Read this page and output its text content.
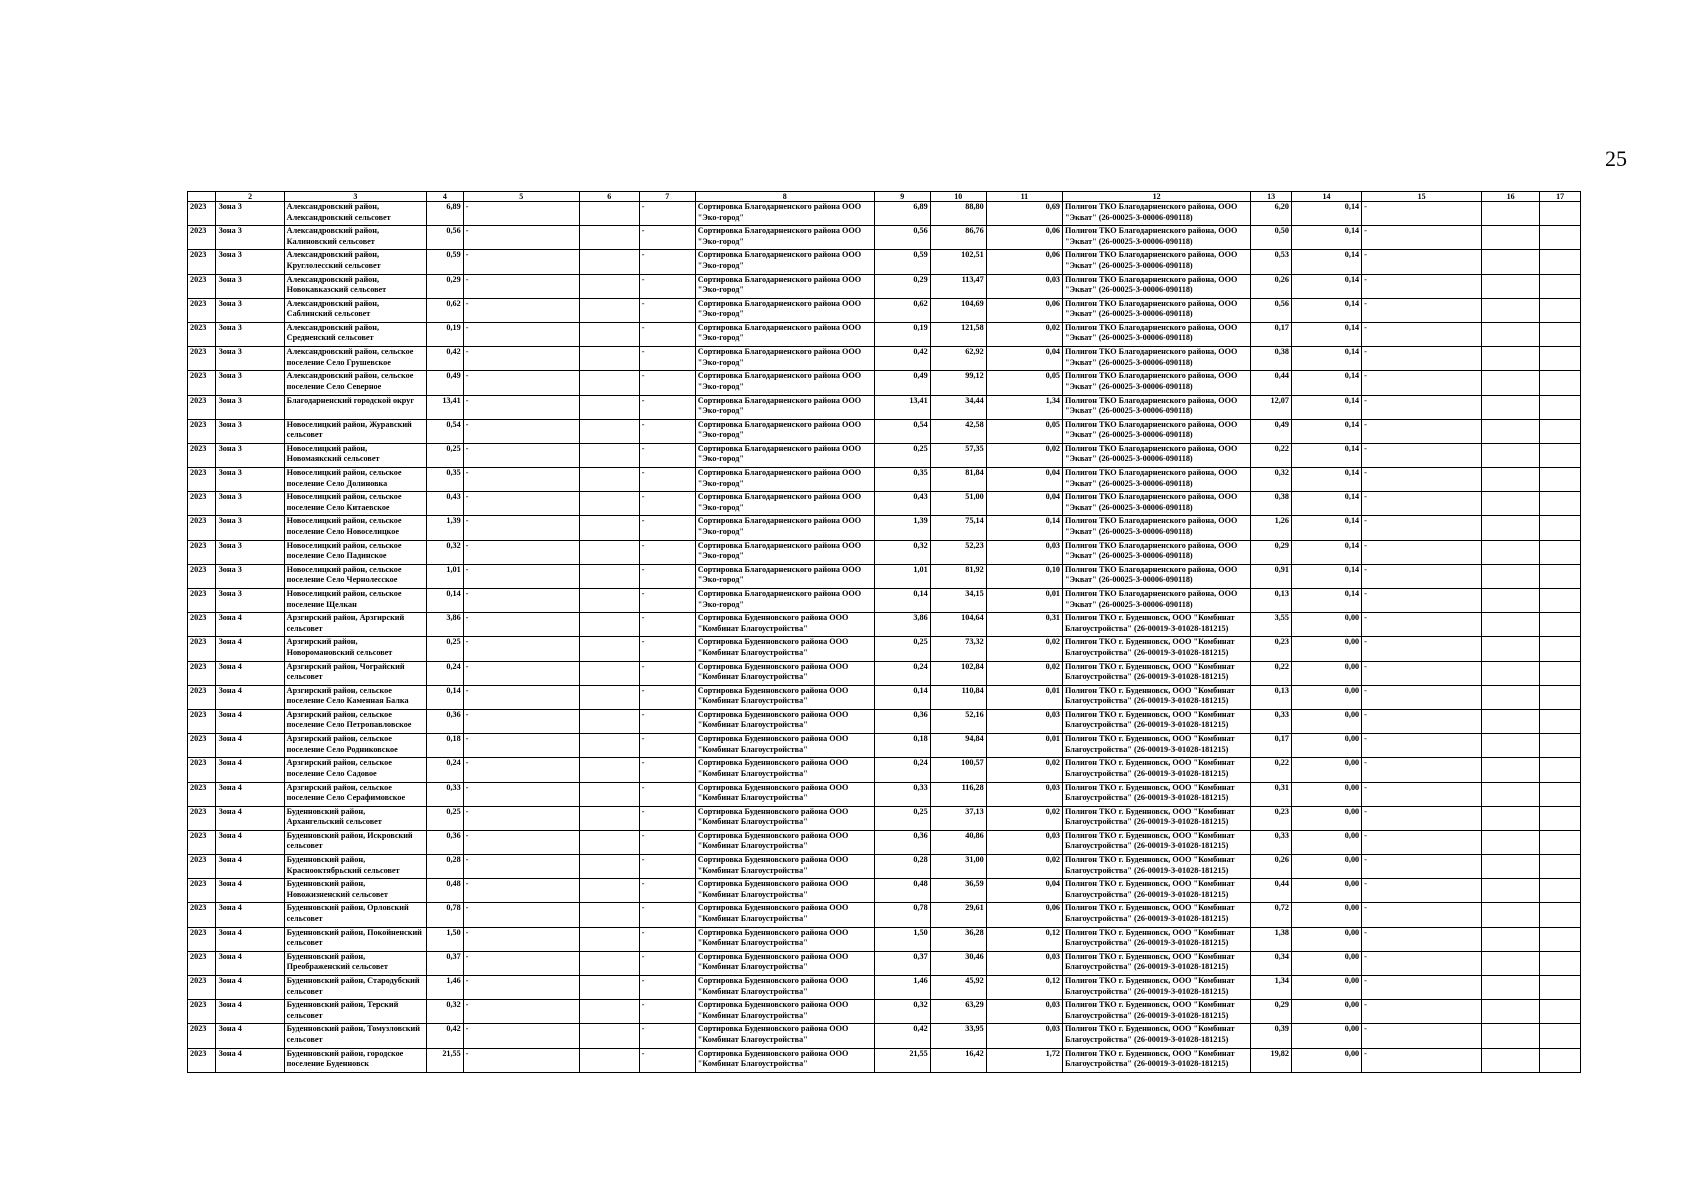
25
	2	3	4	5	6	7	8	9	10	11	12	13	14	15	16	17
2023	Зона 3	Александровский район, Александровский сельсовет	6,89	-		-	Сортировка Благодарненского района ООО "Эко-город"	6,89	88,80	0,69	Полигон ТКО Благодарненского района, ООО "Экват" (26-00025-З-00006-090118)	6,20	0,14	-		
2023	Зона 3	Александровский район, Калиновский сельсовет	0,56	-		-	Сортировка Благодарненского района ООО "Эко-город"	0,56	86,76	0,06	Полигон ТКО Благодарненского района, ООО "Экват" (26-00025-З-00006-090118)	0,50	0,14	-		
2023	Зона 3	Александровский район, Круглолесский сельсовет	0,59	-		-	Сортировка Благодарненского района ООО "Эко-город"	0,59	102,51	0,06	Полигон ТКО Благодарненского района, ООО "Экват" (26-00025-З-00006-090118)	0,53	0,14	-		
2023	Зона 3	Александровский район, Новокавказский сельсовет	0,29	-		-	Сортировка Благодарненского района ООО "Эко-город"	0,29	113,47	0,03	Полигон ТКО Благодарненского района, ООО "Экват" (26-00025-З-00006-090118)	0,26	0,14	-		
2023	Зона 3	Александровский район, Саблинский сельсовет	0,62	-		-	Сортировка Благодарненского района ООО "Эко-город"	0,62	104,69	0,06	Полигон ТКО Благодарненского района, ООО "Экват" (26-00025-З-00006-090118)	0,56	0,14	-		
2023	Зона 3	Александровский район, Средненский сельсовет	0,19	-		-	Сортировка Благодарненского района ООО "Эко-город"	0,19	121,58	0,02	Полигон ТКО Благодарненского района, ООО "Экват" (26-00025-З-00006-090118)	0,17	0,14	-		
2023	Зона 3	Александровский район, сельское поселение Село Грушевское	0,42	-		-	Сортировка Благодарненского района ООО "Эко-город"	0,42	62,92	0,04	Полигон ТКО Благодарненского района, ООО "Экват" (26-00025-З-00006-090118)	0,38	0,14	-		
2023	Зона 3	Александровский район, сельское поселение Село Северное	0,49	-		-	Сортировка Благодарненского района ООО "Эко-город"	0,49	99,12	0,05	Полигон ТКО Благодарненского района, ООО "Экват" (26-00025-З-00006-090118)	0,44	0,14	-		
2023	Зона 3	Благодарненский городской округ	13,41	-		-	Сортировка Благодарненского района ООО "Эко-город"	13,41	34,44	1,34	Полигон ТКО Благодарненского района, ООО "Экват" (26-00025-З-00006-090118)	12,07	0,14	-		
2023	Зона 3	Новоселицкий район, Журавский сельсовет	0,54	-		-	Сортировка Благодарненского района ООО "Эко-город"	0,54	42,58	0,05	Полигон ТКО Благодарненского района, ООО "Экват" (26-00025-З-00006-090118)	0,49	0,14	-		
2023	Зона 3	Новоселицкий район, Новомаякский сельсовет	0,25	-		-	Сортировка Благодарненского района ООО "Эко-город"	0,25	57,35	0,02	Полигон ТКО Благодарненского района, ООО "Экват" (26-00025-З-00006-090118)	0,22	0,14	-		
2023	Зона 3	Новоселицкий район, сельское поселение Село Долиновка	0,35	-		-	Сортировка Благодарненского района ООО "Эко-город"	0,35	81,84	0,04	Полигон ТКО Благодарненского района, ООО "Экват" (26-00025-З-00006-090118)	0,32	0,14	-		
2023	Зона 3	Новоселицкий район, сельское поселение Село Китаевское	0,43	-		-	Сортировка Благодарненского района ООО "Эко-город"	0,43	51,00	0,04	Полигон ТКО Благодарненского района, ООО "Экват" (26-00025-З-00006-090118)	0,38	0,14	-		
2023	Зона 3	Новоселицкий район, сельское поселение Село Новоселицкое	1,39	-		-	Сортировка Благодарненского района ООО "Эко-город"	1,39	75,14	0,14	Полигон ТКО Благодарненского района, ООО "Экват" (26-00025-З-00006-090118)	1,26	0,14	-		
2023	Зона 3	Новоселицкий район, сельское поселение Село Падинское	0,32	-		-	Сортировка Благодарненского района ООО "Эко-город"	0,32	52,23	0,03	Полигон ТКО Благодарненского района, ООО "Экват" (26-00025-З-00006-090118)	0,29	0,14	-		
2023	Зона 3	Новоселицкий район, сельское поселение Село Чернолесское	1,01	-		-	Сортировка Благодарненского района ООО "Эко-город"	1,01	81,92	0,10	Полигон ТКО Благодарненского района, ООО "Экват" (26-00025-З-00006-090118)	0,91	0,14	-		
2023	Зона 3	Новоселицкий район, сельское поселение Щелкан	0,14	-		-	Сортировка Благодарненского района ООО "Эко-город"	0,14	34,15	0,01	Полигон ТКО Благодарненского района, ООО "Экват" (26-00025-З-00006-090118)	0,13	0,14	-		
2023	Зона 4	Арзгирский район, Арзгирский сельсовет	3,86	-		-	Сортировка Буденновского района ООО "Комбинат Благоустройства"	3,86	104,64	0,31	Полигон ТКО г. Буденновск, ООО "Комбинат Благоустройства" (26-00019-З-01028-181215)	3,55	0,00	-		
2023	Зона 4	Арзгирский район, Новоромановский сельсовет	0,25	-		-	Сортировка Буденновского района ООО "Комбинат Благоустройства"	0,25	73,32	0,02	Полигон ТКО г. Буденновск, ООО "Комбинат Благоустройства" (26-00019-З-01028-181215)	0,23	0,00	-		
2023	Зона 4	Арзгирский район, Чограйский сельсовет	0,24	-		-	Сортировка Буденновского района ООО "Комбинат Благоустройства"	0,24	102,84	0,02	Полигон ТКО г. Буденновск, ООО "Комбинат Благоустройства" (26-00019-З-01028-181215)	0,22	0,00	-		
2023	Зона 4	Арзгирский район, сельское поселение Село Каменная Балка	0,14	-		-	Сортировка Буденновского района ООО "Комбинат Благоустройства"	0,14	110,84	0,01	Полигон ТКО г. Буденновск, ООО "Комбинат Благоустройства" (26-00019-З-01028-181215)	0,13	0,00	-		
2023	Зона 4	Арзгирский район, сельское поселение Село Петропавловское	0,36	-		-	Сортировка Буденновского района ООО "Комбинат Благоустройства"	0,36	52,16	0,03	Полигон ТКО г. Буденновск, ООО "Комбинат Благоустройства" (26-00019-З-01028-181215)	0,33	0,00	-		
2023	Зона 4	Арзгирский район, сельское поселение Село Родниковское	0,18	-		-	Сортировка Буденновского района ООО "Комбинат Благоустройства"	0,18	94,84	0,01	Полигон ТКО г. Буденновск, ООО "Комбинат Благоустройства" (26-00019-З-01028-181215)	0,17	0,00	-		
2023	Зона 4	Арзгирский район, сельское поселение Село Садовое	0,24	-		-	Сортировка Буденновского района ООО "Комбинат Благоустройства"	0,24	100,57	0,02	Полигон ТКО г. Буденновск, ООО "Комбинат Благоустройства" (26-00019-З-01028-181215)	0,22	0,00	-		
2023	Зона 4	Арзгирский район, сельское поселение Село Серафимовское	0,33	-		-	Сортировка Буденновского района ООО "Комбинат Благоустройства"	0,33	116,28	0,03	Полигон ТКО г. Буденновск, ООО "Комбинат Благоустройства" (26-00019-З-01028-181215)	0,31	0,00	-		
2023	Зона 4	Буденновский район, Архангельский сельсовет	0,25	-		-	Сортировка Буденновского района ООО "Комбинат Благоустройства"	0,25	37,13	0,02	Полигон ТКО г. Буденновск, ООО "Комбинат Благоустройства" (26-00019-З-01028-181215)	0,23	0,00	-		
2023	Зона 4	Буденновский район, Искровский сельсовет	0,36	-		-	Сортировка Буденновского района ООО "Комбинат Благоустройства"	0,36	40,86	0,03	Полигон ТКО г. Буденновск, ООО "Комбинат Благоустройства" (26-00019-З-01028-181215)	0,33	0,00	-		
2023	Зона 4	Буденновский район, Красноoктябрьский сельсовет	0,28	-		-	Сортировка Буденновского района ООО "Комбинат Благоустройства"	0,28	31,00	0,02	Полигон ТКО г. Буденновск, ООО "Комбинат Благоустройства" (26-00019-З-01028-181215)	0,26	0,00	-		
2023	Зона 4	Буденновский район, Новожизненский сельсовет	0,48	-		-	Сортировка Буденновского района ООО "Комбинат Благоустройства"	0,48	36,59	0,04	Полигон ТКО г. Буденновск, ООО "Комбинат Благоустройства" (26-00019-З-01028-181215)	0,44	0,00	-		
2023	Зона 4	Буденновский район, Орловский сельсовет	0,78	-		-	Сортировка Буденновского района ООО "Комбинат Благоустройства"	0,78	29,61	0,06	Полигон ТКО г. Буденновск, ООО "Комбинат Благоустройства" (26-00019-З-01028-181215)	0,72	0,00	-		
2023	Зона 4	Буденновский район, Покойненский сельсовет	1,50	-		-	Сортировка Буденновского района ООО "Комбинат Благоустройства"	1,50	36,28	0,12	Полигон ТКО г. Буденновск, ООО "Комбинат Благоустройства" (26-00019-З-01028-181215)	1,38	0,00	-		
2023	Зона 4	Буденновский район, Преображенский сельсовет	0,37	-		-	Сортировка Буденновского района ООО "Комбинат Благоустройства"	0,37	30,46	0,03	Полигон ТКО г. Буденновск, ООО "Комбинат Благоустройства" (26-00019-З-01028-181215)	0,34	0,00	-		
2023	Зона 4	Буденновский район, Стародубский сельсовет	1,46	-		-	Сортировка Буденновского района ООО "Комбинат Благоустройства"	1,46	45,92	0,12	Полигон ТКО г. Буденновск, ООО "Комбинат Благоустройства" (26-00019-З-01028-181215)	1,34	0,00	-		
2023	Зона 4	Буденновский район, Терский сельсовет	0,32	-		-	Сортировка Буденновского района ООО "Комбинат Благоустройства"	0,32	63,29	0,03	Полигон ТКО г. Буденновск, ООО "Комбинат Благоустройства" (26-00019-З-01028-181215)	0,29	0,00	-		
2023	Зона 4	Буденновский район, Томузловский сельсовет	0,42	-		-	Сортировка Буденновского района ООО "Комбинат Благоустройства"	0,42	33,95	0,03	Полигон ТКО г. Буденновск, ООО "Комбинат Благоустройства" (26-00019-З-01028-181215)	0,39	0,00	-		
2023	Зона 4	Буденновский район, городское поселение Буденновск	21,55	-		-	Сортировка Буденновского района ООО "Комбинат Благоустройства"	21,55	16,42	1,72	Полигон ТКО г. Буденновск, ООО "Комбинат Благоустройства" (26-00019-З-01028-181215)	19,82	0,00	-		
